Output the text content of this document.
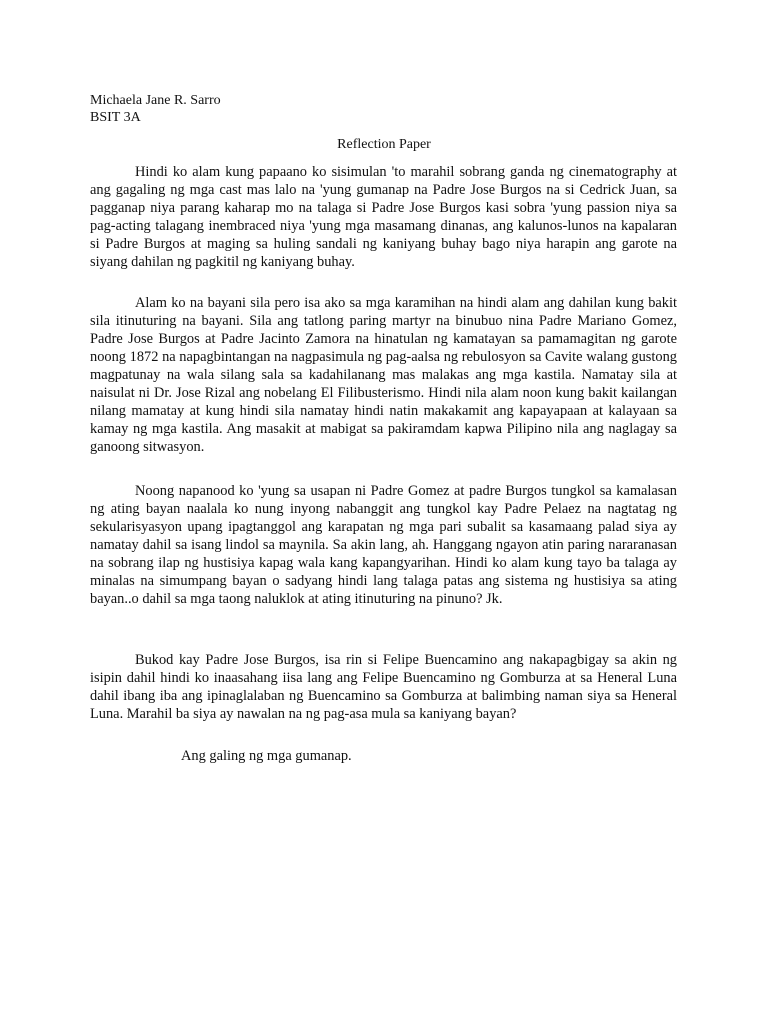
Michaela Jane R. Sarro
BSIT 3A
Reflection Paper

Hindi ko alam kung papaano ko sisimulan 'to marahil sobrang ganda ng cinematography at ang gagaling ng mga cast mas lalo na 'yung gumanap na Padre Jose Burgos na si Cedrick Juan, sa pagganap niya parang kaharap mo na talaga si Padre Jose Burgos kasi sobra 'yung passion niya sa pag-acting talagang inembraced niya 'yung mga masamang dinanas, ang kalunos-lunos na kapalaran si Padre Burgos at maging sa huling sandali ng kaniyang buhay bago niya harapin ang garote na siyang dahilan ng pagkitil ng kaniyang buhay.

Alam ko na bayani sila pero isa ako sa mga karamihan na hindi alam ang dahilan kung bakit sila itinuturing na bayani. Sila ang tatlong paring martyr na binubuo nina Padre Mariano Gomez, Padre Jose Burgos at Padre Jacinto Zamora na hinatulan ng kamatayan sa pamamagitan ng garote noong 1872 na napagbintangan na nagpasimula ng pag-aalsa ng rebulosyon sa Cavite walang gustong magpatunay na wala silang sala sa kadahilanang mas malakas ang mga kastila. Namatay sila at naisulat ni Dr. Jose Rizal ang nobelang El Filibusterismo. Hindi nila alam noon kung bakit kailangan nilang mamatay at kung hindi sila namatay hindi natin makakamit ang kapayapaan at kalayaan sa kamay ng mga kastila. Ang masakit at mabigat sa pakiramdam kapwa Pilipino nila ang naglagay sa ganoong sitwasyon.

Noong napanood ko 'yung sa usapan ni Padre Gomez at padre Burgos tungkol sa kamalasan ng ating bayan naalala ko nung inyong nabanggit ang tungkol kay Padre Pelaez na nagtatag ng sekularisyasyon upang ipagtanggol ang karapatan ng mga pari subalit sa kasamaang palad siya ay namatay dahil sa isang lindol sa maynila. Sa akin lang, ah. Hanggang ngayon atin paring nararanasan na sobrang ilap ng hustisiya kapag wala kang kapangyarihan. Hindi ko alam kung tayo ba talaga ay minalas na simumpang bayan o sadyang hindi lang talaga patas ang sistema ng hustisiya sa ating bayan..o dahil sa mga taong naluklok at ating itinuturing na pinuno? Jk.

Bukod kay Padre Jose Burgos, isa rin si Felipe Buencamino ang nakapagbigay sa akin ng isipin dahil hindi ko inaasahang iisa lang ang Felipe Buencamino ng Gomburza at sa Heneral Luna dahil ibang iba ang ipinaglalaban ng Buencamino sa Gomburza at balimbing naman siya sa Heneral Luna. Marahil ba siya ay nawalan na ng pag-asa mula sa kaniyang bayan?

Ang galing ng mga gumanap.
